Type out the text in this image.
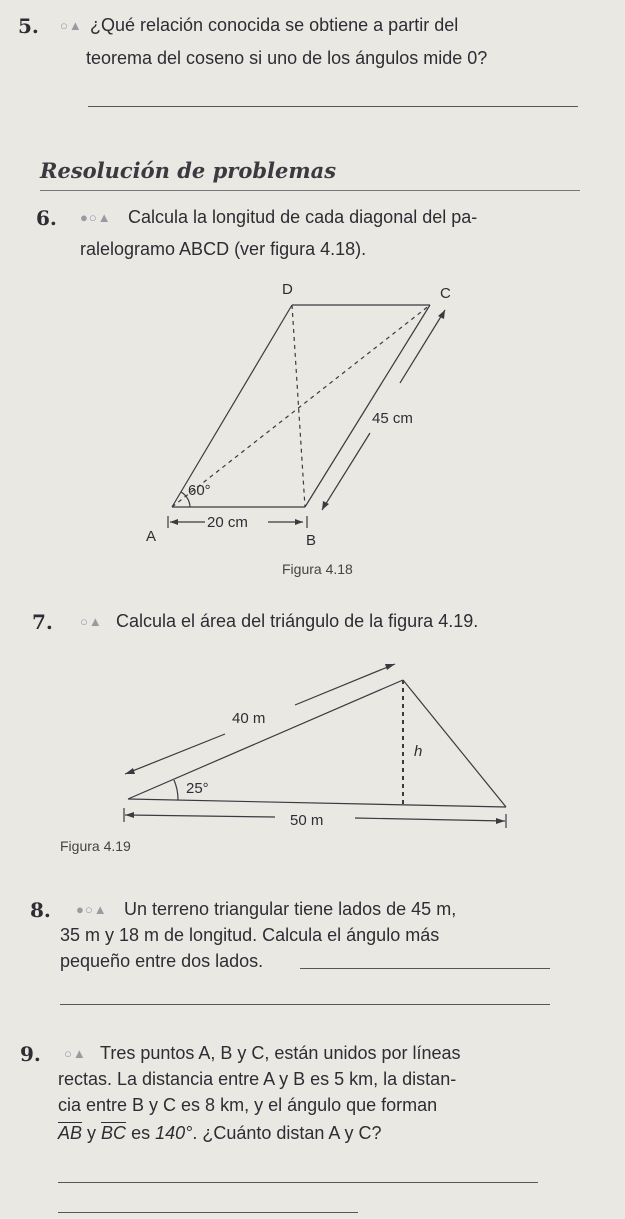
5. ○▲ ¿Qué relación conocida se obtiene a partir del
teorema del coseno si uno de los ángulos mide 0?
Resolución de problemas
6. ●○▲ Calcula la longitud de cada diagonal del pa-
ralelogramo ABCD (ver figura 4.18).
D	C
A	B
45 cm
20 cm
60°
Figura 4.18
7. ○▲ Calcula el área del triángulo de la figura 4.19.
40 m
h
25°
50 m
Figura 4.19
8. ●○▲ Un terreno triangular tiene lados de 45 m,
35 m y 18 m de longitud. Calcula el ángulo más
pequeño entre dos lados.
9. ○▲ Tres puntos A, B y C, están unidos por líneas
rectas. La distancia entre A y B es 5 km, la distan-
cia entre B y C es 8 km, y el ángulo que forman
$\overline{AB}$ y $\overline{BC}$ es 140°. ¿Cuánto distan A y C?
